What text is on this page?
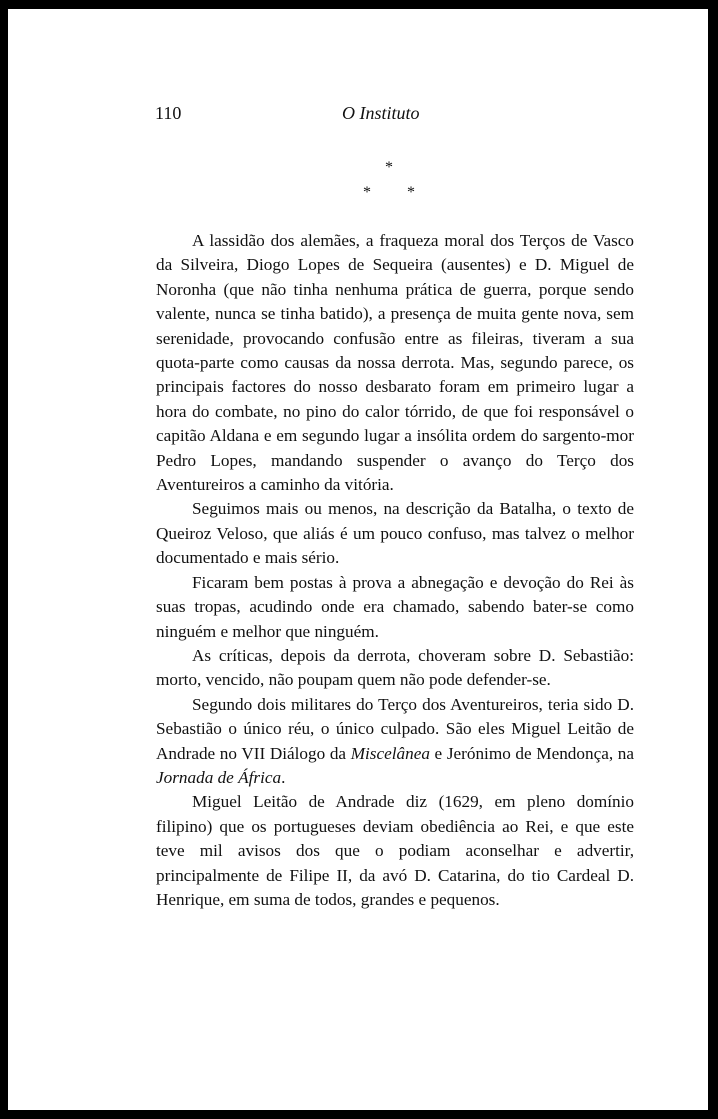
110	O Instituto
*
* *

A lassidão dos alemães, a fraqueza moral dos Terços de Vasco da Silveira, Diogo Lopes de Sequeira (ausentes) e D. Miguel de Noronha (que não tinha nenhuma prática de guerra, porque sendo valente, nunca se tinha batido), a presença de muita gente nova, sem serenidade, provocando confusão entre as fileiras, tiveram a sua quota-parte como causas da nossa derrota. Mas, segundo parece, os principais factores do nosso desbarato foram em primeiro lugar a hora do combate, no pino do calor tórrido, de que foi responsável o capitão Aldana e em segundo lugar a insólita ordem do sargento-mor Pedro Lopes, mandando suspender o avanço do Terço dos Aventureiros a caminho da vitória.

Seguimos mais ou menos, na descrição da Batalha, o texto de Queiroz Veloso, que aliás é um pouco confuso, mas talvez o melhor documentado e mais sério.

Ficaram bem postas à prova a abnegação e devoção do Rei às suas tropas, acudindo onde era chamado, sabendo bater-se como ninguém e melhor que ninguém.

As críticas, depois da derrota, choveram sobre D. Sebastião: morto, vencido, não poupam quem não pode defender-se.

Segundo dois militares do Terço dos Aventureiros, teria sido D. Sebastião o único réu, o único culpado. São eles Miguel Leitão de Andrade no VII Diálogo da Miscelânea e Jerónimo de Mendonça, na Jornada de África.

Miguel Leitão de Andrade diz (1629, em pleno domínio filipino) que os portugueses deviam obediência ao Rei, e que este teve mil avisos dos que o podiam aconselhar e advertir, principalmente de Filipe II, da avó D. Catarina, do tio Cardeal D. Henrique, em suma de todos, grandes e pequenos.
